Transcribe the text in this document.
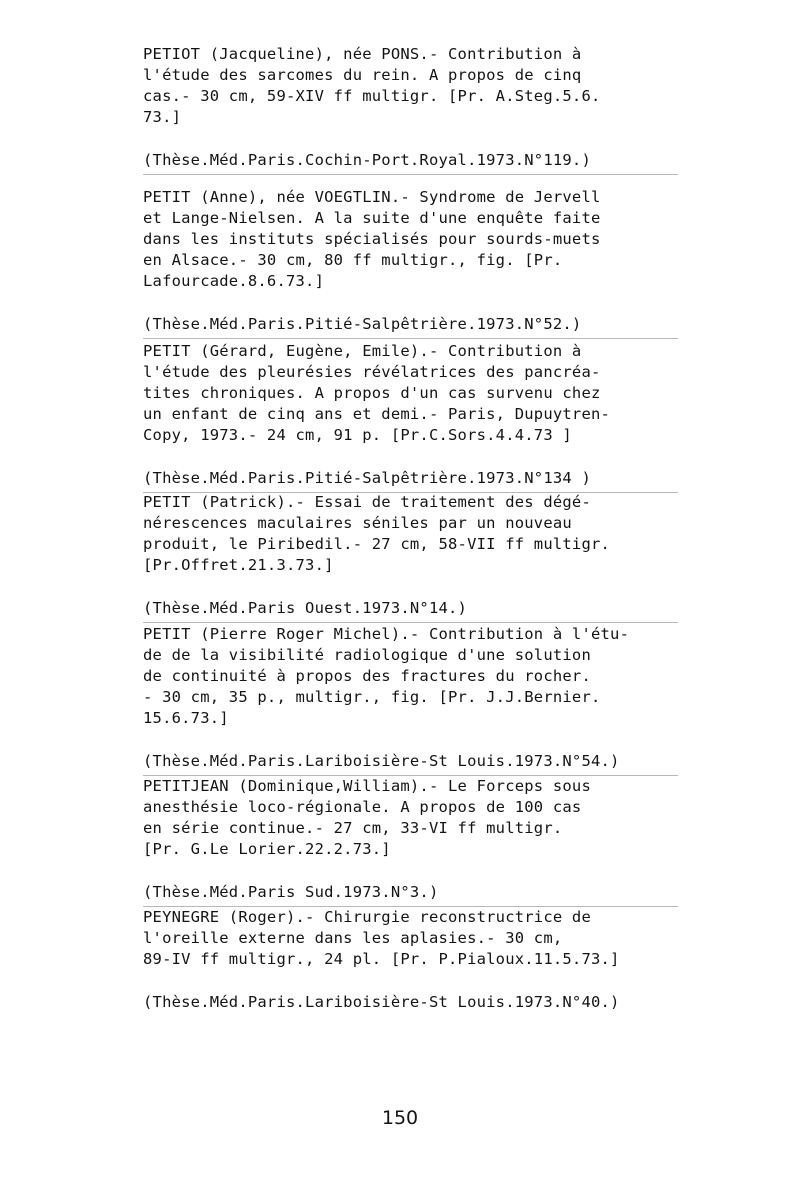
PETIOT (Jacqueline), née PONS.- Contribution à
l'étude des sarcomes du rein. A propos de cinq
cas.- 30 cm, 59-XIV ff multigr. [Pr. A.Steg.5.6.
73.]
(Thèse.Méd.Paris.Cochin-Port.Royal.1973.N°119.)
PETIT (Anne), née VOEGTLIN.- Syndrome de Jervell
et Lange-Nielsen. A la suite d'une enquête faite
dans les instituts spécialisés pour sourds-muets
en Alsace.- 30 cm, 80 ff multigr., fig. [Pr.
Lafourcade.8.6.73.]
(Thèse.Méd.Paris.Pitié-Salpêtrière.1973.N°52.)
PETIT (Gérard, Eugène, Emile).- Contribution à
l'étude des pleurésies révélatrices des pancréa-
tites chroniques. A propos d'un cas survenu chez
un enfant de cinq ans et demi.- Paris, Dupuytren-
Copy, 1973.- 24 cm, 91 p. [Pr.C.Sors.4.4.73 ]
(Thèse.Méd.Paris.Pitié-Salpêtrière.1973.N°134 )
PETIT (Patrick).- Essai de traitement des dégé-
nérescences maculaires séniles par un nouveau
produit, le Piribedil.- 27 cm, 58-VII ff multigr.
[Pr.Offret.21.3.73.]
(Thèse.Méd.Paris Ouest.1973.N°14.)
PETIT (Pierre Roger Michel).- Contribution à l'étu-
de de la visibilité radiologique d'une solution
de continuité à propos des fractures du rocher.
- 30 cm, 35 p., multigr., fig. [Pr. J.J.Bernier.
15.6.73.]
(Thèse.Méd.Paris.Lariboisière-St Louis.1973.N°54.)
PETITJEAN (Dominique,William).- Le Forceps sous
anesthésie loco-régionale. A propos de 100 cas
en série continue.- 27 cm, 33-VI ff multigr.
[Pr. G.Le Lorier.22.2.73.]
(Thèse.Méd.Paris Sud.1973.N°3.)
PEYNEGRE (Roger).- Chirurgie reconstructrice de
l'oreille externe dans les aplasies.- 30 cm,
89-IV ff multigr., 24 pl. [Pr. P.Pialoux.11.5.73.]
(Thèse.Méd.Paris.Lariboisière-St Louis.1973.N°40.)
150
